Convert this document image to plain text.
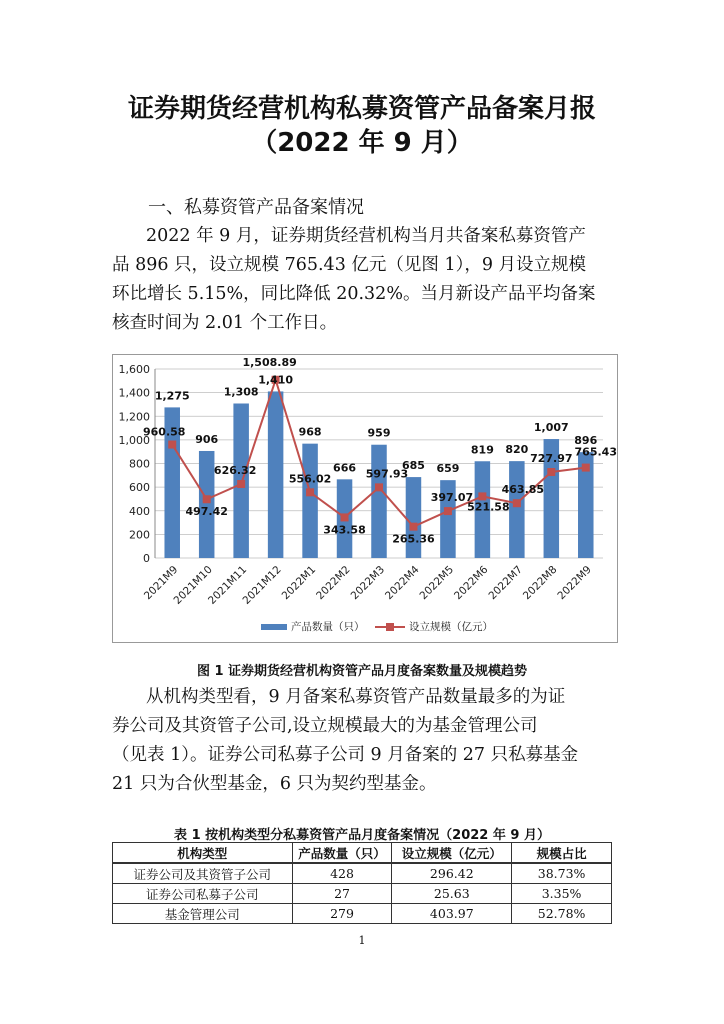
证券期货经营机构私募资管产品备案月报
（2022 年 9 月）
一、私募资管产品备案情况
2022 年 9 月，证券期货经营机构当月共备案私募资管产
品 896 只，设立规模 765.43 亿元（见图 1），9 月设立规模
环比增长 5.15%，同比降低 20.32%。当月新设产品平均备案
核查时间为 2.01 个工作日。
0
200
400
600
800
1,000
1,200
1,400
1,600
2021M9
2021M10
2021M11
2021M12
2022M1
2022M2
2022M3
2022M4
2022M5
2022M6
2022M7
2022M8
2022M9
1,275
906
1,308
1,410
968
666
959
685 659
819 820
1,007
896
960.58
497.42
626.32
1,508.89
556.02
343.58
597.93
265.36
397.07
521.58
463.85
727.97 765.43
产品数量（只）	设立规模（亿元）
图 1 证券期货经营机构资管产品月度备案数量及规模趋势
从机构类型看，9 月备案私募资管产品数量最多的为证
券公司及其资管子公司,设立规模最大的为基金管理公司
（见表 1）。证券公司私募子公司 9 月备案的 27 只私募基金
21 只为合伙型基金，6 只为契约型基金。
表 1 按机构类型分私募资管产品月度备案情况（2022 年 9 月）
机构类型	产品数量（只）	设立规模（亿元）	规模占比
证券公司及其资管子公司	428	296.42	38.73%
证券公司私募子公司	27	25.63	3.35%
基金管理公司	279	403.97	52.78%
1
